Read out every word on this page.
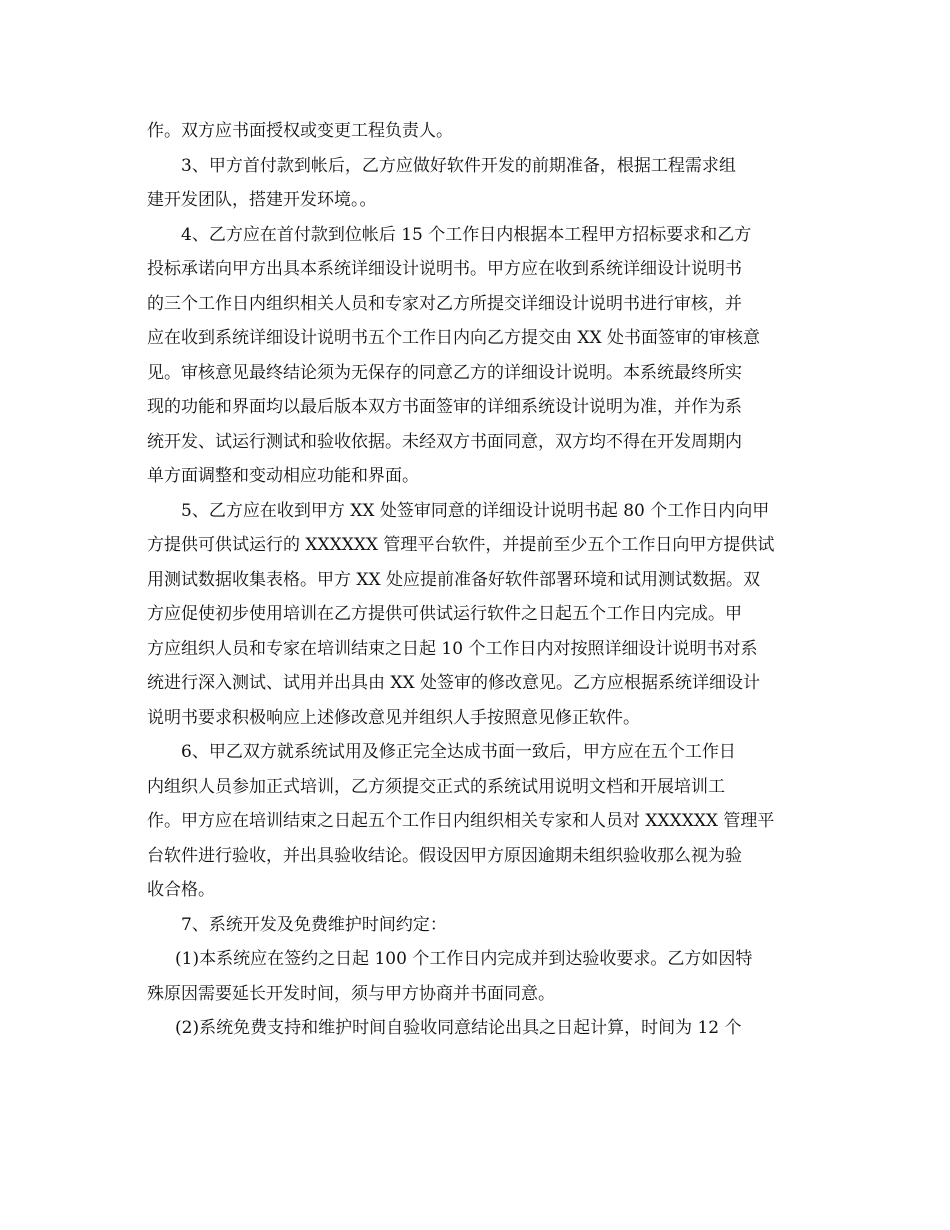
作。双方应书面授权或变更工程负责人。
3、甲方首付款到帐后，乙方应做好软件开发的前期准备，根据工程需求组
建开发团队，搭建开发环境。。
4、乙方应在首付款到位帐后 15 个工作日内根据本工程甲方招标要求和乙方
投标承诺向甲方出具本系统详细设计说明书。甲方应在收到系统详细设计说明书
的三个工作日内组织相关人员和专家对乙方所提交详细设计说明书进行审核，并
应在收到系统详细设计说明书五个工作日内向乙方提交由 XX 处书面签审的审核意
见。审核意见最终结论须为无保存的同意乙方的详细设计说明。本系统最终所实
现的功能和界面均以最后版本双方书面签审的详细系统设计说明为准，并作为系
统开发、试运行测试和验收依据。未经双方书面同意，双方均不得在开发周期内
单方面调整和变动相应功能和界面。
5、乙方应在收到甲方 XX 处签审同意的详细设计说明书起 80 个工作日内向甲
方提供可供试运行的 XXXXXX 管理平台软件，并提前至少五个工作日向甲方提供试
用测试数据收集表格。甲方 XX 处应提前准备好软件部署环境和试用测试数据。双
方应促使初步使用培训在乙方提供可供试运行软件之日起五个工作日内完成。甲
方应组织人员和专家在培训结束之日起 10 个工作日内对按照详细设计说明书对系
统进行深入测试、试用并出具由 XX 处签审的修改意见。乙方应根据系统详细设计
说明书要求积极响应上述修改意见并组织人手按照意见修正软件。
6、甲乙双方就系统试用及修正完全达成书面一致后，甲方应在五个工作日
内组织人员参加正式培训，乙方须提交正式的系统试用说明文档和开展培训工
作。甲方应在培训结束之日起五个工作日内组织相关专家和人员对 XXXXXX 管理平
台软件进行验收，并出具验收结论。假设因甲方原因逾期未组织验收那么视为验
收合格。
7、系统开发及免费维护时间约定：
(1)本系统应在签约之日起 100 个工作日内完成并到达验收要求。乙方如因特
殊原因需要延长开发时间，须与甲方协商并书面同意。
(2)系统免费支持和维护时间自验收同意结论出具之日起计算，时间为 12 个
